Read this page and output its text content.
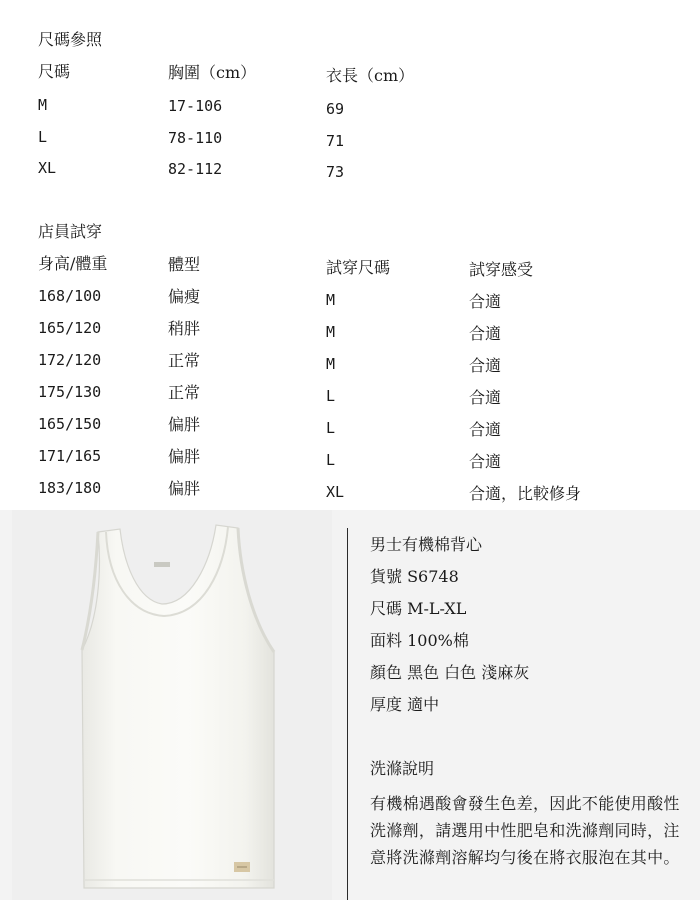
尺碼參照
尺碼	胸圍（cm）	衣長（cm）
M	17-106	69
L	78-110	71
XL	82-112	73
店員試穿
身高/體重	體型	試穿尺碼	試穿感受
168/100	偏瘦	M	合適
165/120	稍胖	M	合適
172/120	正常	M	合適
175/130	正常	L	合適
165/150	偏胖	L	合適
171/165	偏胖	L	合適
183/180	偏胖	XL	合適，比較修身
男士有機棉背心
貨號 S6748
尺碼 M-L-XL
面料 100%棉
顏色 黑色 白色 淺麻灰
厚度 適中
洗滌說明
有機棉遇酸會發生色差，因此不能使用酸性洗滌劑，請選用中性肥皂和洗滌劑同時，注意將洗滌劑溶解均勻後在將衣服泡在其中。
